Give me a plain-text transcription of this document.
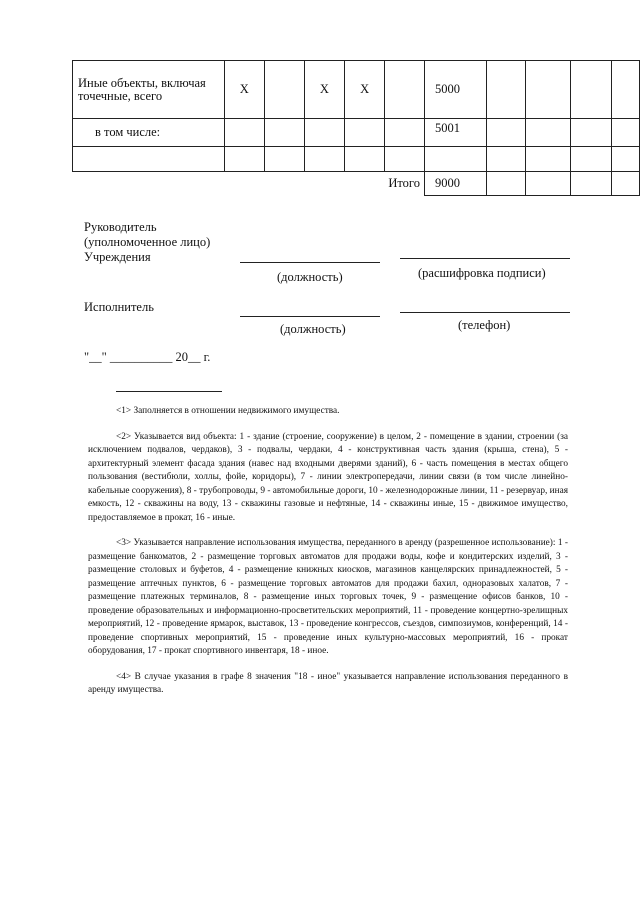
Иные объекты, включая точечные, всего	Х		Х	Х		5000				
в том числе:						5001				

Итого						9000				
Руководитель
(уполномоченное лицо)
Учреждения
(должность)	(расшифровка подписи)
Исполнитель
(должность)	(телефон)
"__" __________ 20__ г.

<1> Заполняется в отношении недвижимого имущества.

<2> Указывается вид объекта: 1 - здание (строение, сооружение) в целом, 2 - помещение в здании, строении (за исключением подвалов, чердаков), 3 - подвалы, чердаки, 4 - конструктивная часть здания (крыша, стена), 5 - архитектурный элемент фасада здания (навес над входными дверями зданий), 6 - часть помещения в местах общего пользования (вестибюли, холлы, фойе, коридоры), 7 - линии электропередачи, линии связи (в том числе линейно-кабельные сооружения), 8 - трубопроводы, 9 - автомобильные дороги, 10 - железнодорожные линии, 11 - резервуар, иная емкость, 12 - скважины на воду, 13 - скважины газовые и нефтяные, 14 - скважины иные, 15 - движимое имущество, предоставляемое в прокат, 16 - иные.

<3> Указывается направление использования имущества, переданного в аренду (разрешенное использование): 1 - размещение банкоматов, 2 - размещение торговых автоматов для продажи воды, кофе и кондитерских изделий, 3 - размещение столовых и буфетов, 4 - размещение книжных киосков, магазинов канцелярских принадлежностей, 5 - размещение аптечных пунктов, 6 - размещение торговых автоматов для продажи бахил, одноразовых халатов, 7 - размещение платежных терминалов, 8 - размещение иных торговых точек, 9 - размещение офисов банков, 10 - проведение образовательных и информационно-просветительских мероприятий, 11 - проведение концертно-зрелищных мероприятий, 12 - проведение ярмарок, выставок, 13 - проведение конгрессов, съездов, симпозиумов, конференций, 14 - проведение спортивных мероприятий, 15 - проведение иных культурно-массовых мероприятий, 16 - прокат оборудования, 17 - прокат спортивного инвентаря, 18 - иное.

<4> В случае указания в графе 8 значения "18 - иное" указывается направление использования переданного в аренду имущества.
